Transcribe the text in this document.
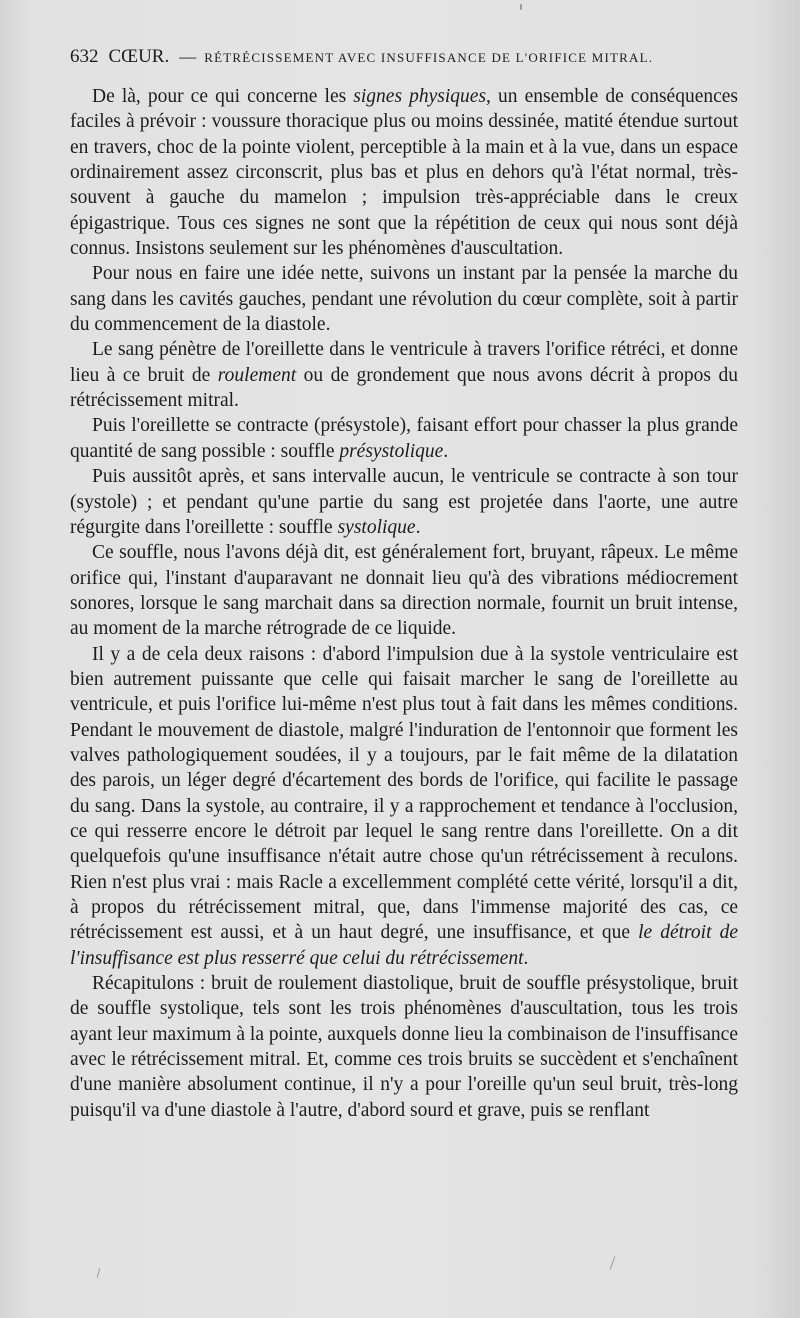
632 CŒUR. — RÉTRÉCISSEMENT AVEC INSUFFISANCE DE L'ORIFICE MITRAL.

De là, pour ce qui concerne les signes physiques, un ensemble de conséquences faciles à prévoir : voussure thoracique plus ou moins dessinée, matité étendue surtout en travers, choc de la pointe violent, perceptible à la main et à la vue, dans un espace ordinairement assez circonscrit, plus bas et plus en dehors qu'à l'état normal, très-souvent à gauche du mamelon ; impulsion très-appréciable dans le creux épigastrique. Tous ces signes ne sont que la répétition de ceux qui nous sont déjà connus. Insistons seulement sur les phénomènes d'auscultation.

Pour nous en faire une idée nette, suivons un instant par la pensée la marche du sang dans les cavités gauches, pendant une révolution du cœur complète, soit à partir du commencement de la diastole.

Le sang pénètre de l'oreillette dans le ventricule à travers l'orifice rétréci, et donne lieu à ce bruit de roulement ou de grondement que nous avons décrit à propos du rétrécissement mitral.

Puis l'oreillette se contracte (présystole), faisant effort pour chasser la plus grande quantité de sang possible : souffle présystolique.

Puis aussitôt après, et sans intervalle aucun, le ventricule se contracte à son tour (systole) ; et pendant qu'une partie du sang est projetée dans l'aorte, une autre régurgite dans l'oreillette : souffle systolique.

Ce souffle, nous l'avons déjà dit, est généralement fort, bruyant, râpeux. Le même orifice qui, l'instant d'auparavant ne donnait lieu qu'à des vibrations médiocrement sonores, lorsque le sang marchait dans sa direction normale, fournit un bruit intense, au moment de la marche rétrograde de ce liquide.

Il y a de cela deux raisons : d'abord l'impulsion due à la systole ventriculaire est bien autrement puissante que celle qui faisait marcher le sang de l'oreillette au ventricule, et puis l'orifice lui-même n'est plus tout à fait dans les mêmes conditions. Pendant le mouvement de diastole, malgré l'induration de l'entonnoir que forment les valves pathologiquement soudées, il y a toujours, par le fait même de la dilatation des parois, un léger degré d'écartement des bords de l'orifice, qui facilite le passage du sang. Dans la systole, au contraire, il y a rapprochement et tendance à l'occlusion, ce qui resserre encore le détroit par lequel le sang rentre dans l'oreillette. On a dit quelquefois qu'une insuffisance n'était autre chose qu'un rétrécissement à reculons. Rien n'est plus vrai : mais Racle a excellemment complété cette vérité, lorsqu'il a dit, à propos du rétrécissement mitral, que, dans l'immense majorité des cas, ce rétrécissement est aussi, et à un haut degré, une insuffisance, et que le détroit de l'insuffisance est plus resserré que celui du rétrécissement.

Récapitulons : bruit de roulement diastolique, bruit de souffle présystolique, bruit de souffle systolique, tels sont les trois phénomènes d'auscultation, tous les trois ayant leur maximum à la pointe, auxquels donne lieu la combinaison de l'insuffisance avec le rétrécissement mitral. Et, comme ces trois bruits se succèdent et s'enchaînent d'une manière absolument continue, il n'y a pour l'oreille qu'un seul bruit, très-long puisqu'il va d'une diastole à l'autre, d'abord sourd et grave, puis se renflant
